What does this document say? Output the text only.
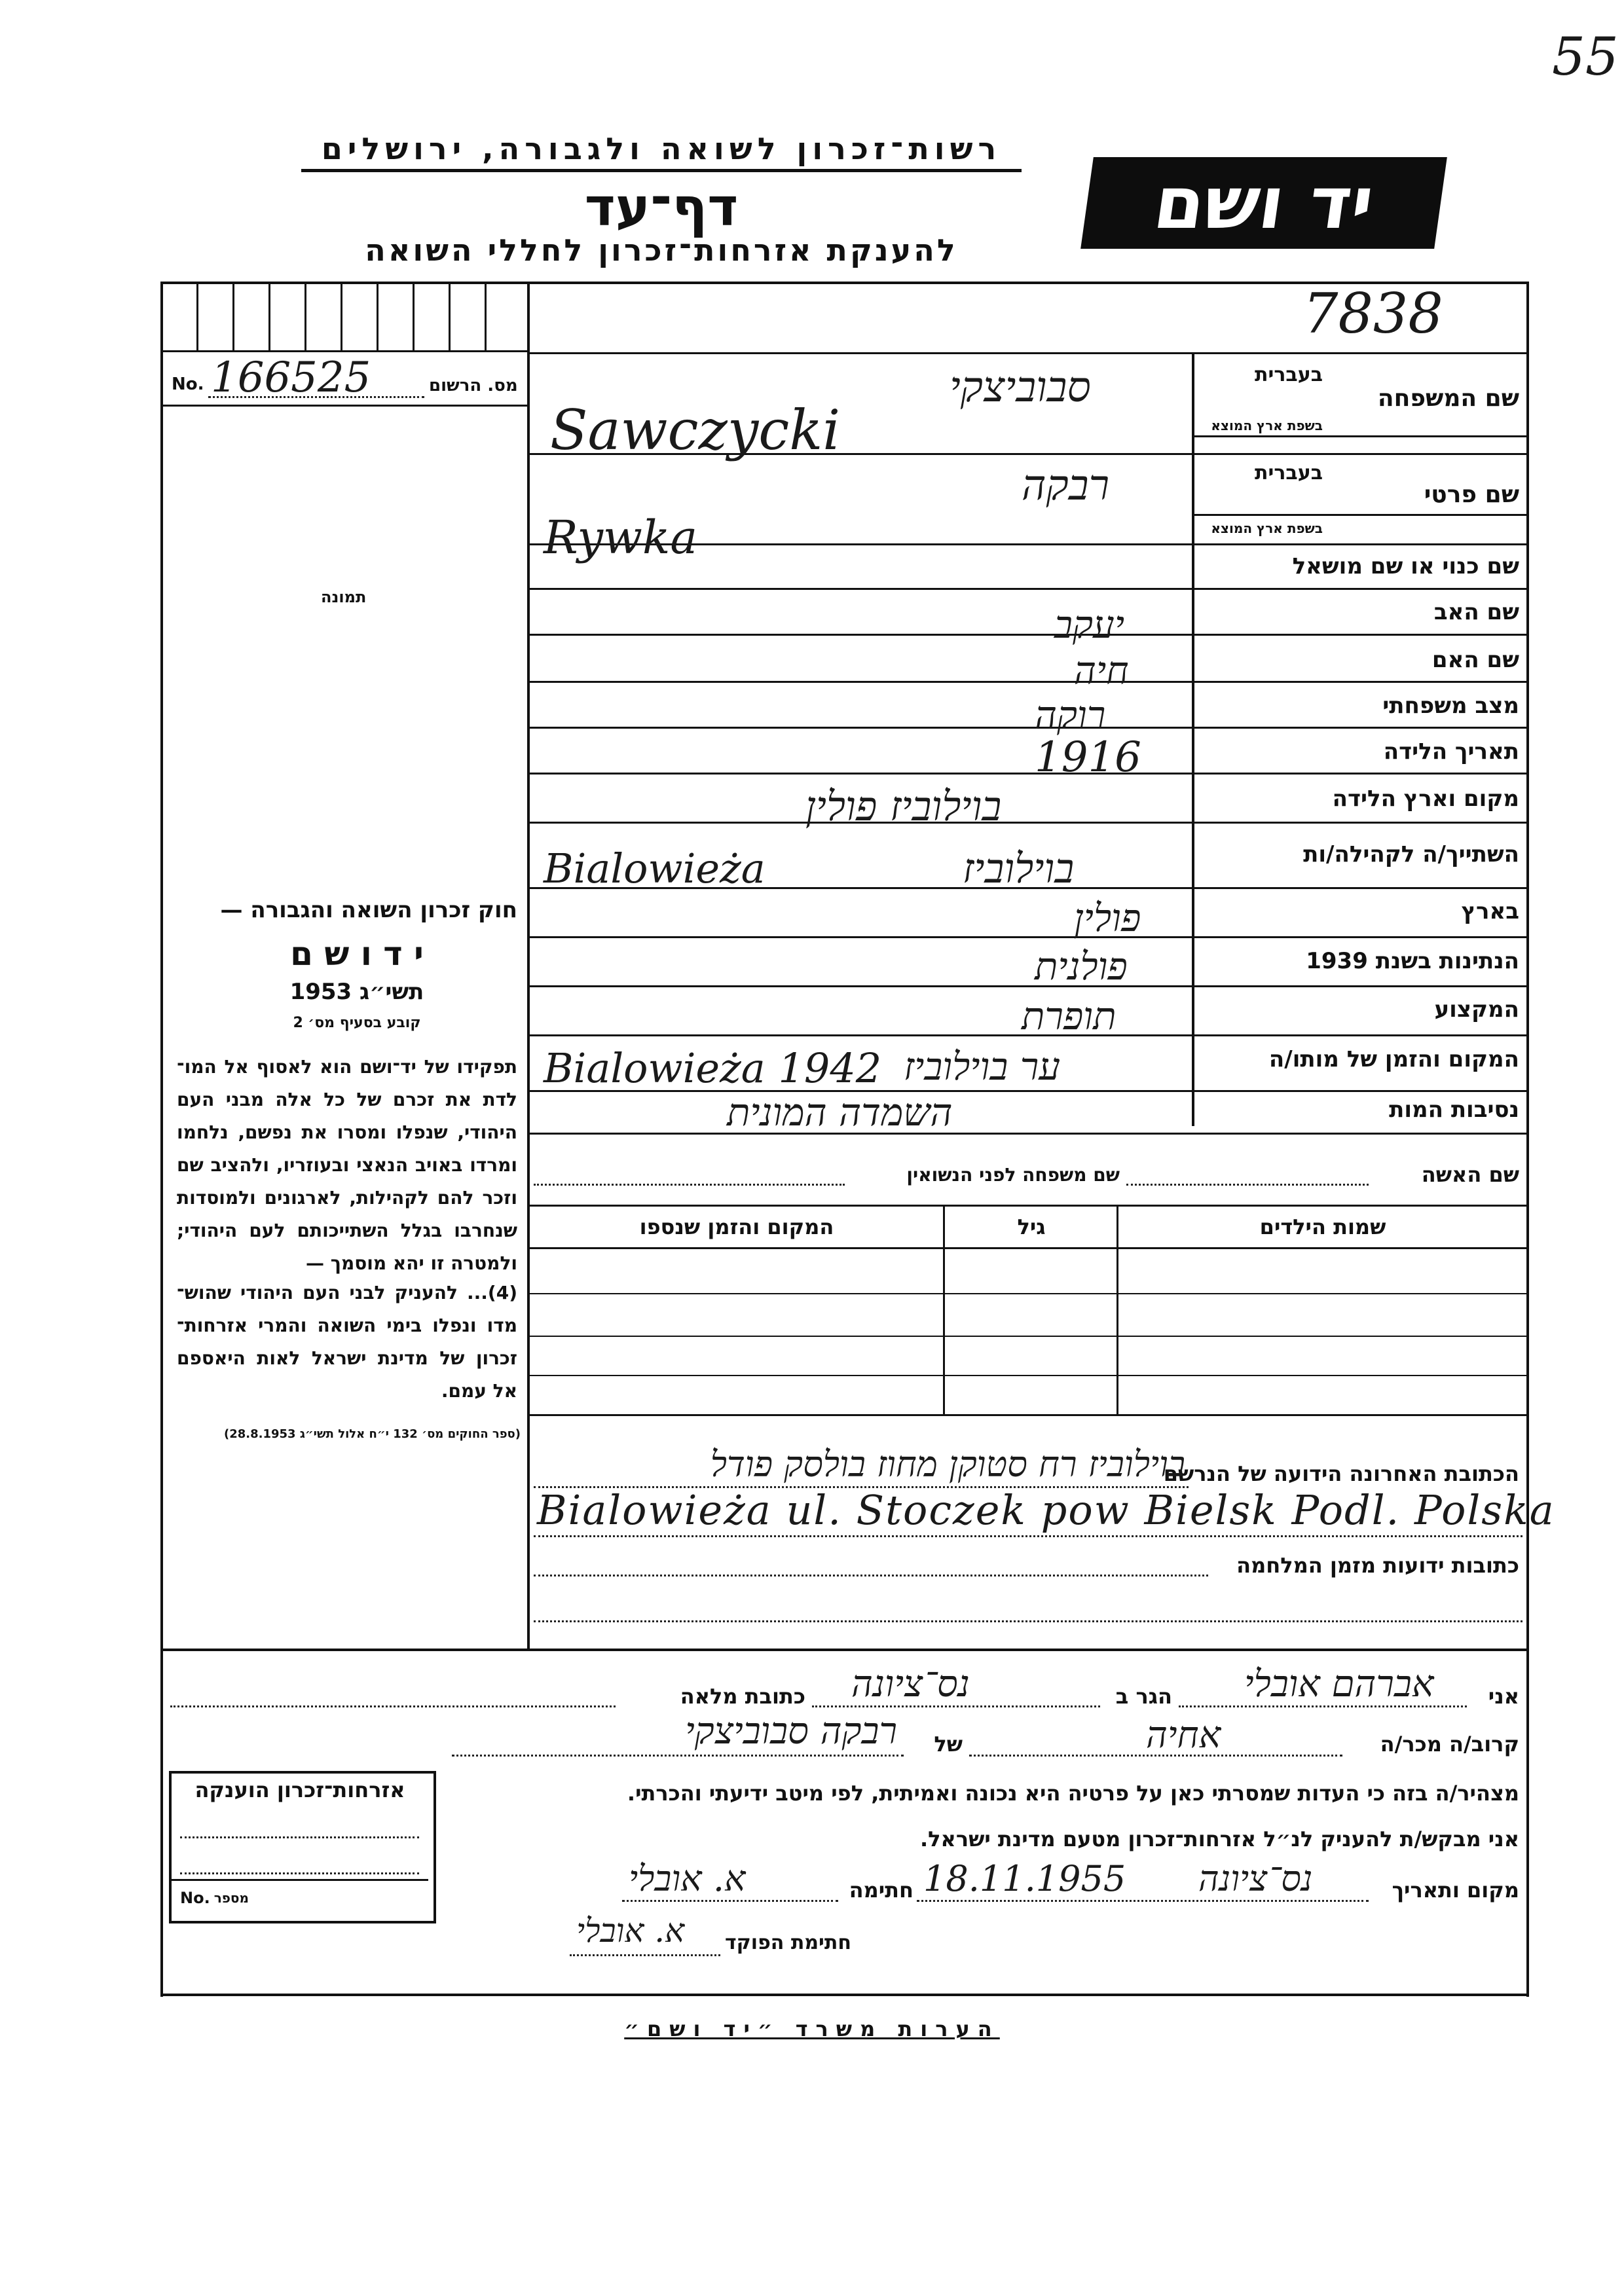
55
רשות־זכרון לשואה ולגבורה, ירושלים
דף־עד
להענקת אזרחות־זכרון לחללי השואה
יד ושם
7838
No. 166525	מס. הרשום
תמונה
חוק זכרון השואה והגבורה —
י ד ו ש ם
תשי״ג 1953
קובע בסעיף מס׳ 2
תפקידו של יד־ושם הוא לאסוף אל המו־ לדת את זכרם של כל אלה מבני העם היהודי, שנפלו ומסרו את נפשם, נלחמו ומרדו באויב הנאצי ובעוזריו, ולהציב שם וזכר להם לקהילות, לארגונים ולמוסדות שנחרבו בגלל השתייכותם לעם היהודי; ולמטרה זו יהא מוסמך —
(4)... להעניק לבני העם היהודי שהוש־ מדו ונפלו בימי השואה והמרי אזרחות־ זכרון של מדינת ישראל לאות היאספם אל עמם.
(ספר החוקים מס׳ 132 י״ח אלול תשי״ג 28.8.1953)
שם המשפחה
בעברית
בשפת ארץ המוצא
שם פרטי
בעברית
בשפת ארץ המוצא
שם כנוי או שם מושאל
שם האב
שם האם
מצב משפחתי
תאריך הלידה
מקום וארץ הלידה
השתייך/ה לקהילה/ות
בארץ
הנתינות בשנת 1939
המקצוע
המקום והזמן של מותו/ה
נסיבות המות
סבוביצקי
Sawczycki
רבקה
Rywka
יעקב
חיה
רוקה
1916
בוילוביז פולין
בוילוביז
Bialowieża
פולין
פולנית
תופרת
ער בוילוביז
Bialowieża 1942
השמדה המונית
שם האשה
שם משפחה לפני הנשואין
שמות הילדים
גיל
המקום והזמן שנספו
הכתובת האחרונה הידועה של הנרשם
בוילוביז רח סטוקן מחוז בולסק פודל
Bialowieża ul. Stoczek pow Bielsk Podl. Polska
כתובות ידועות מזמן המלחמה
אני
אברהם אובלי
הגר ב
נס־ציונה
כתובת מלאה
קרוב/ה מכר/ה
אחיה
של
רבקה סבוביצקי
מצהיר/ה בזה כי העדות שמסרתי כאן על פרטיה היא נכונה ואמיתית, לפי מיטב ידיעתי והכרתי.
אני מבקש/ת להעניק לנ״ל אזרחות־זכרון מטעם מדינת ישראל.
מקום ותאריך
נס־ציונה
18.11.1955
חתימה
א. אובלי
חתימת הפוקד
א. אובלי
אזרחות־זכרון הוענקה
No. מספר
הערות משרד ״יד ושם״
